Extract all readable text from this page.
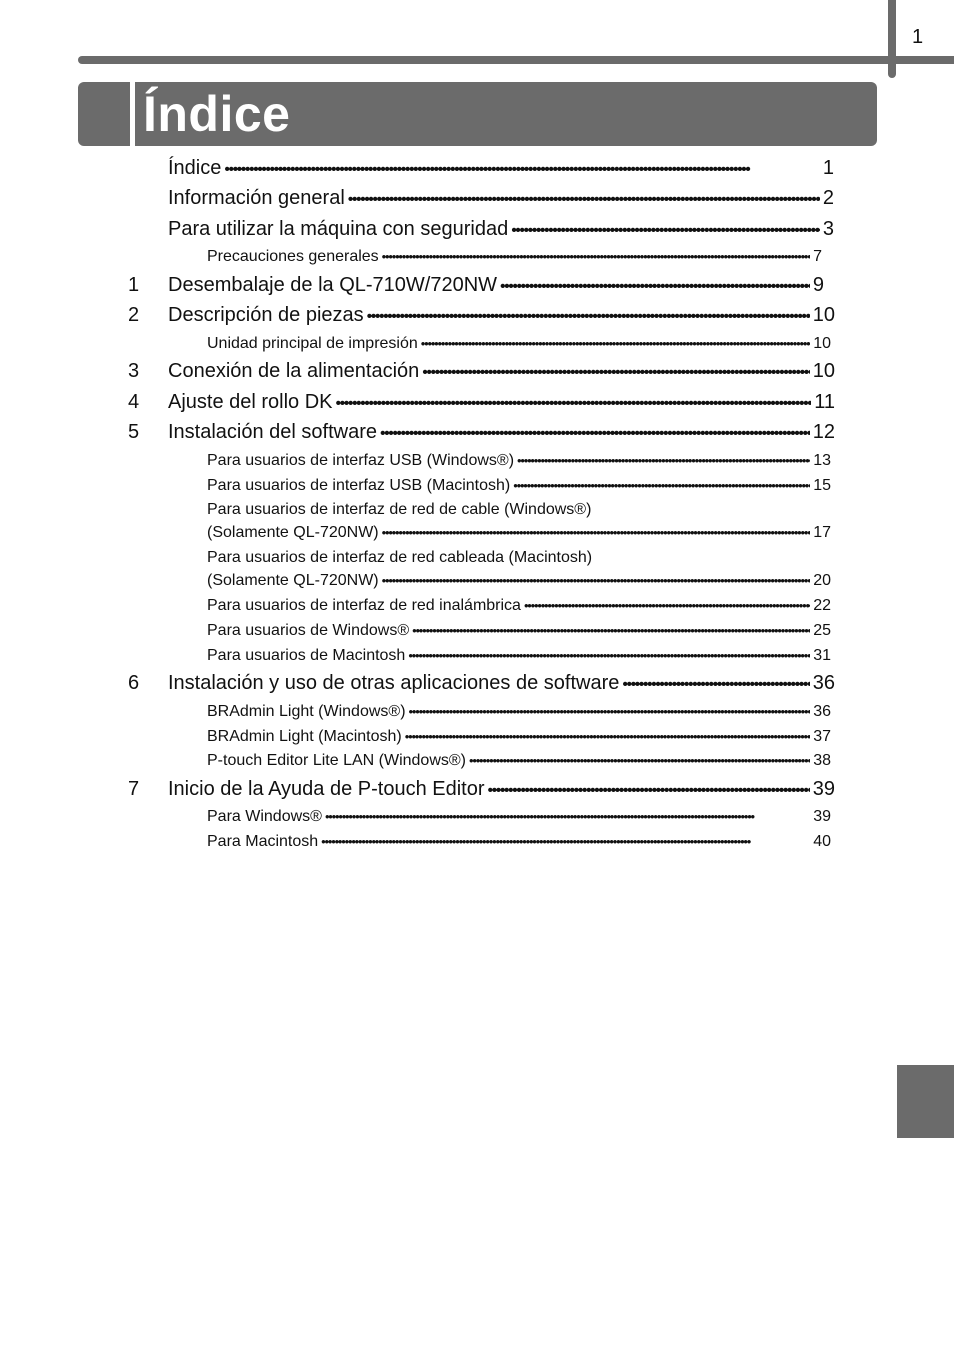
1
Índice
Índice •••••	1
Información general •••••	2
Para utilizar la máquina con seguridad •••••	3
Precauciones generales •••••	7
1 Desembalaje de la QL-710W/720NW •••••	9
2 Descripción de piezas •••••	10
Unidad principal de impresión •••••	10
3 Conexión de la alimentación •••••	10
4 Ajuste del rollo DK •••••	11
5 Instalación del software •••••	12
Para usuarios de interfaz USB (Windows®) •••••	13
Para usuarios de interfaz USB (Macintosh) •••••	15
Para usuarios de interfaz de red de cable (Windows®)
(Solamente QL-720NW) •••••	17
Para usuarios de interfaz de red cableada (Macintosh)
(Solamente QL-720NW) •••••	20
Para usuarios de interfaz de red inalámbrica •••••	22
Para usuarios de Windows® •••••	25
Para usuarios de Macintosh •••••	31
6 Instalación y uso de otras aplicaciones de software •••••	36
BRAdmin Light (Windows®) •••••	36
BRAdmin Light (Macintosh) •••••	37
P-touch Editor Lite LAN (Windows®) •••••	38
7 Inicio de la Ayuda de P-touch Editor •••••	39
Para Windows® •••••	39
Para Macintosh •••••	40
